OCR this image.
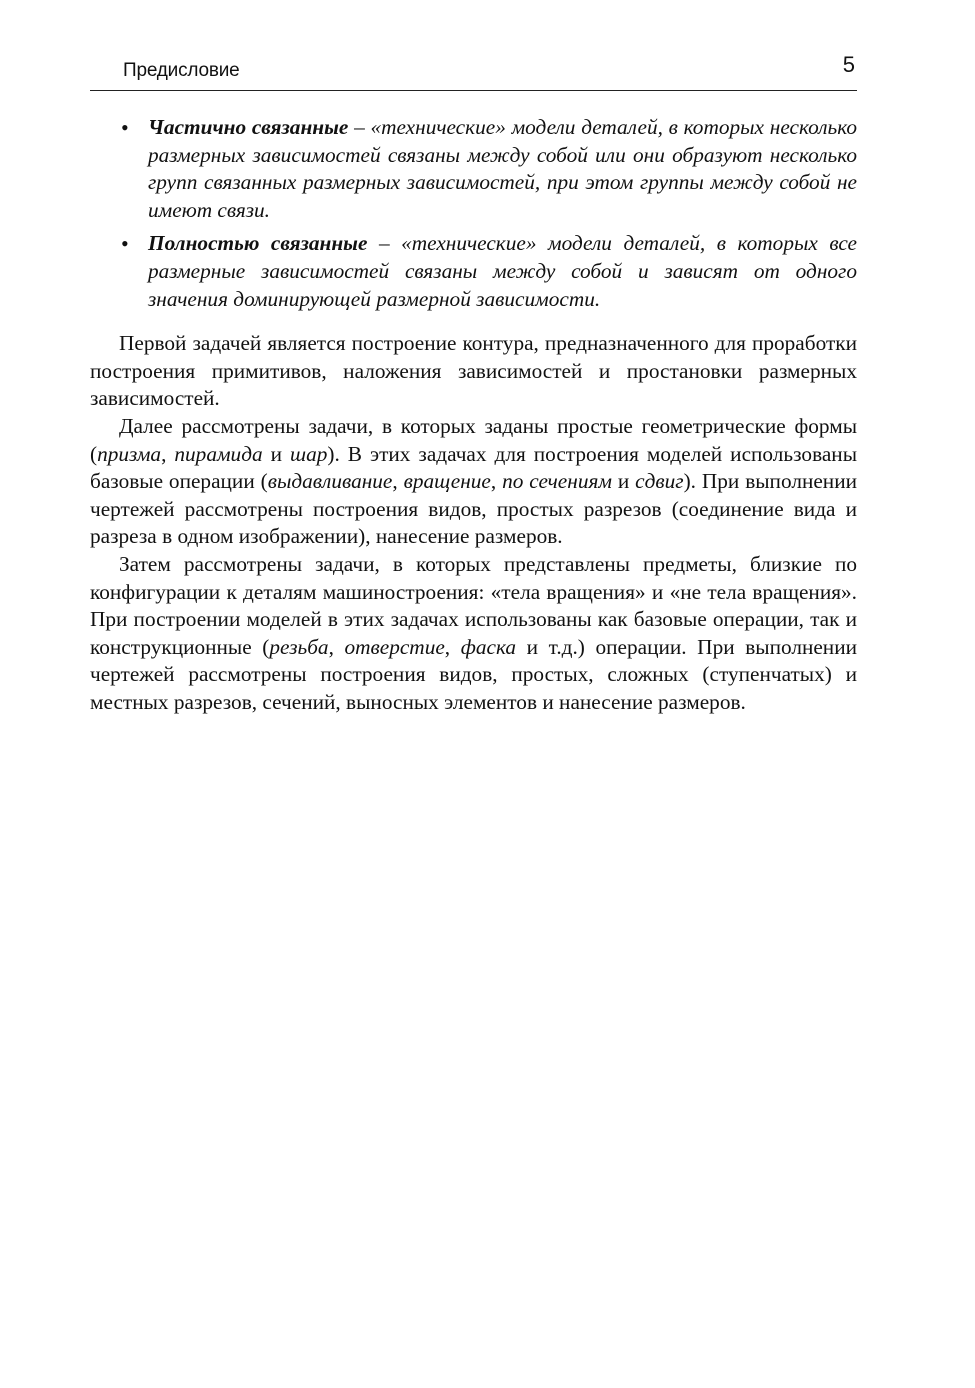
Предисловие	5
• Частично связанные – «технические» модели деталей, в которых несколько размерных зависимостей связаны между собой или они образуют несколько групп связанных размерных зависимостей, при этом группы между собой не имеют связи.
• Полностью связанные – «технические» модели деталей, в которых все размерные зависимостей связаны между собой и зависят от одного значения доминирующей размерной зависимости.

Первой задачей является построение контура, предназначенного для проработки построения примитивов, наложения зависимостей и простановки размерных зависимостей.

Далее рассмотрены задачи, в которых заданы простые геометрические формы (призма, пирамида и шар). В этих задачах для построения моделей использованы базовые операции (выдавливание, вращение, по сечениям и сдвиг). При выполнении чертежей рассмотрены построения видов, простых разрезов (соединение вида и разреза в одном изображении), нанесение размеров.

Затем рассмотрены задачи, в которых представлены предметы, близкие по конфигурации к деталям машиностроения: «тела вращения» и «не тела вращения». При построении моделей в этих задачах использованы как базовые операции, так и конструкционные (резьба, отверстие, фаска и т.д.) операции. При выполнении чертежей рассмотрены построения видов, простых, сложных (ступенчатых) и местных разрезов, сечений, выносных элементов и нанесение размеров.
